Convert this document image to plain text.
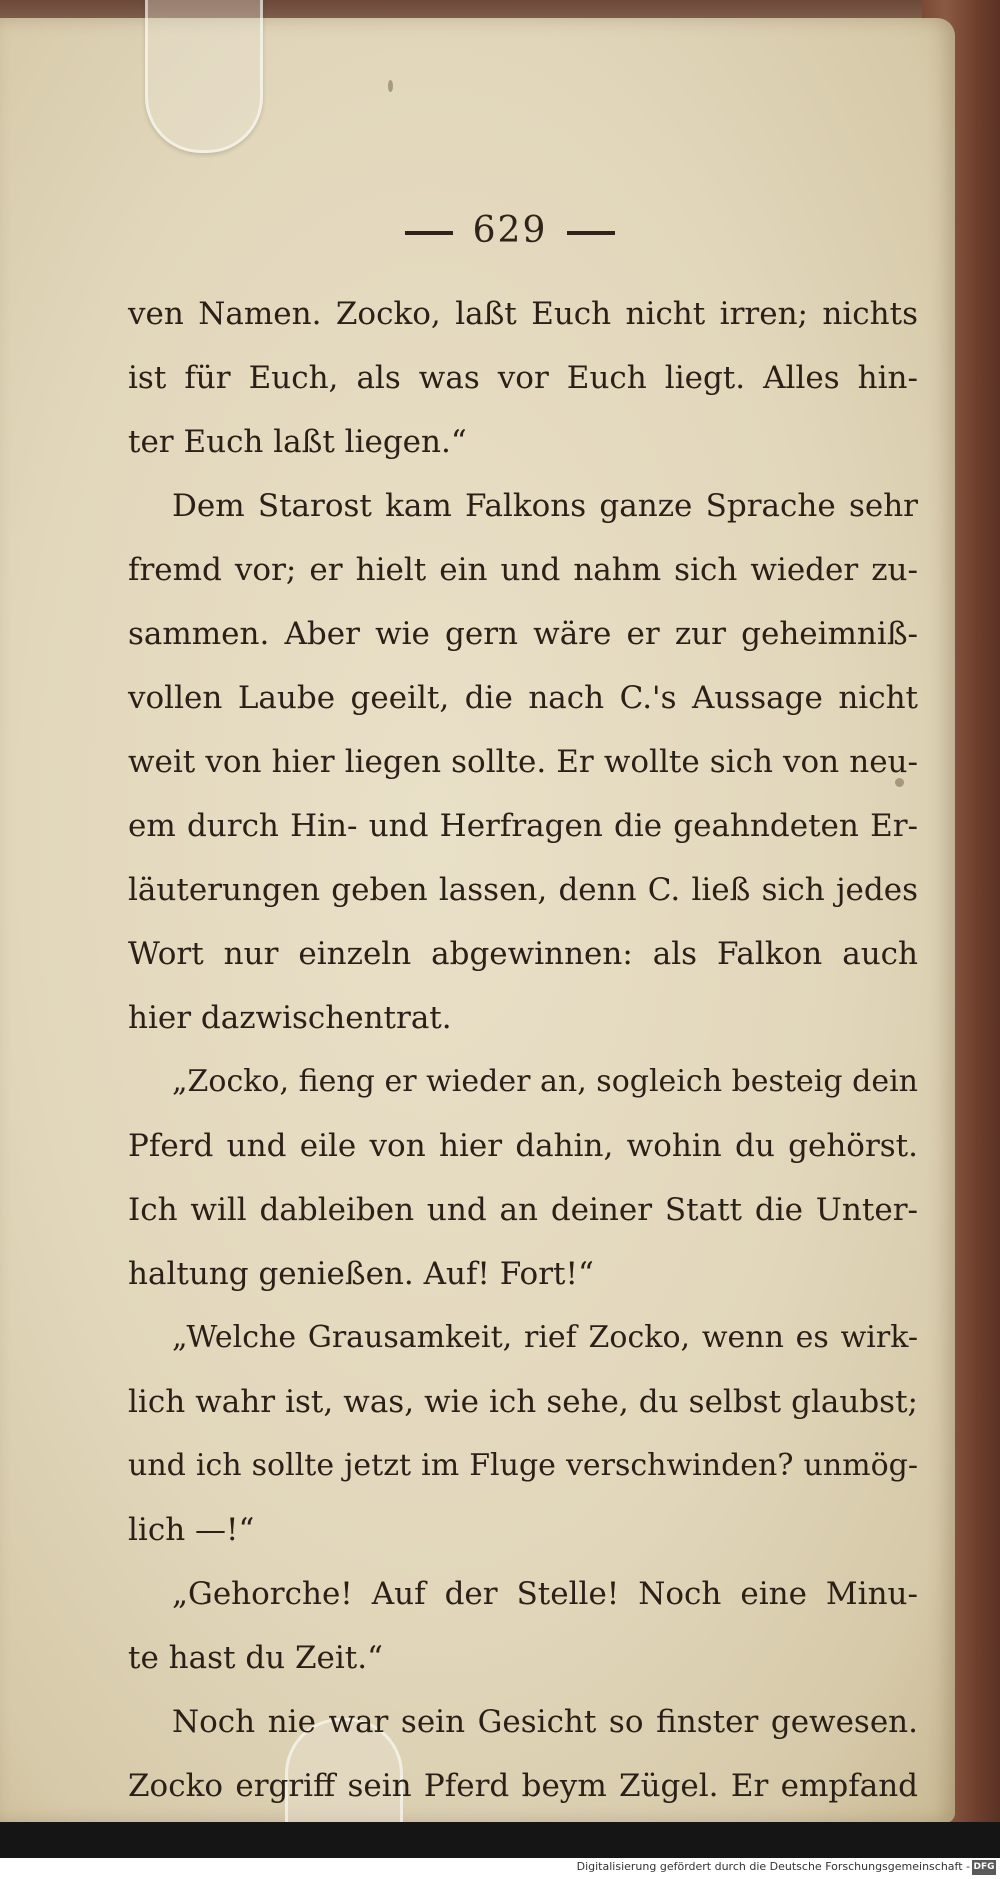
629
ven Namen. Zocko, laßt Euch nicht irren; nichts
ist für Euch, als was vor Euch liegt. Alles hin-
ter Euch laßt liegen.“
Dem Starost kam Falkons ganze Sprache sehr
fremd vor; er hielt ein und nahm sich wieder zu-
sammen. Aber wie gern wäre er zur geheimniß-
vollen Laube geeilt, die nach C.'s Aussage nicht
weit von hier liegen sollte. Er wollte sich von neu-
em durch Hin- und Herfragen die geahndeten Er-
läuterungen geben lassen, denn C. ließ sich jedes
Wort nur einzeln abgewinnen: als Falkon auch
hier dazwischentrat.
„Zocko, fieng er wieder an, sogleich besteig dein
Pferd und eile von hier dahin, wohin du gehörst.
Ich will dableiben und an deiner Statt die Unter-
haltung genießen. Auf! Fort!“
„Welche Grausamkeit, rief Zocko, wenn es wirk-
lich wahr ist, was, wie ich sehe, du selbst glaubst;
und ich sollte jetzt im Fluge verschwinden? unmög-
lich —!“
„Gehorche! Auf der Stelle! Noch eine Minu-
te hast du Zeit.“
Noch nie war sein Gesicht so finster gewesen.
Zocko ergriff sein Pferd beym Zügel. Er empfand
Digitalisierung gefördert durch die Deutsche Forschungsgemeinschaft - DFG
